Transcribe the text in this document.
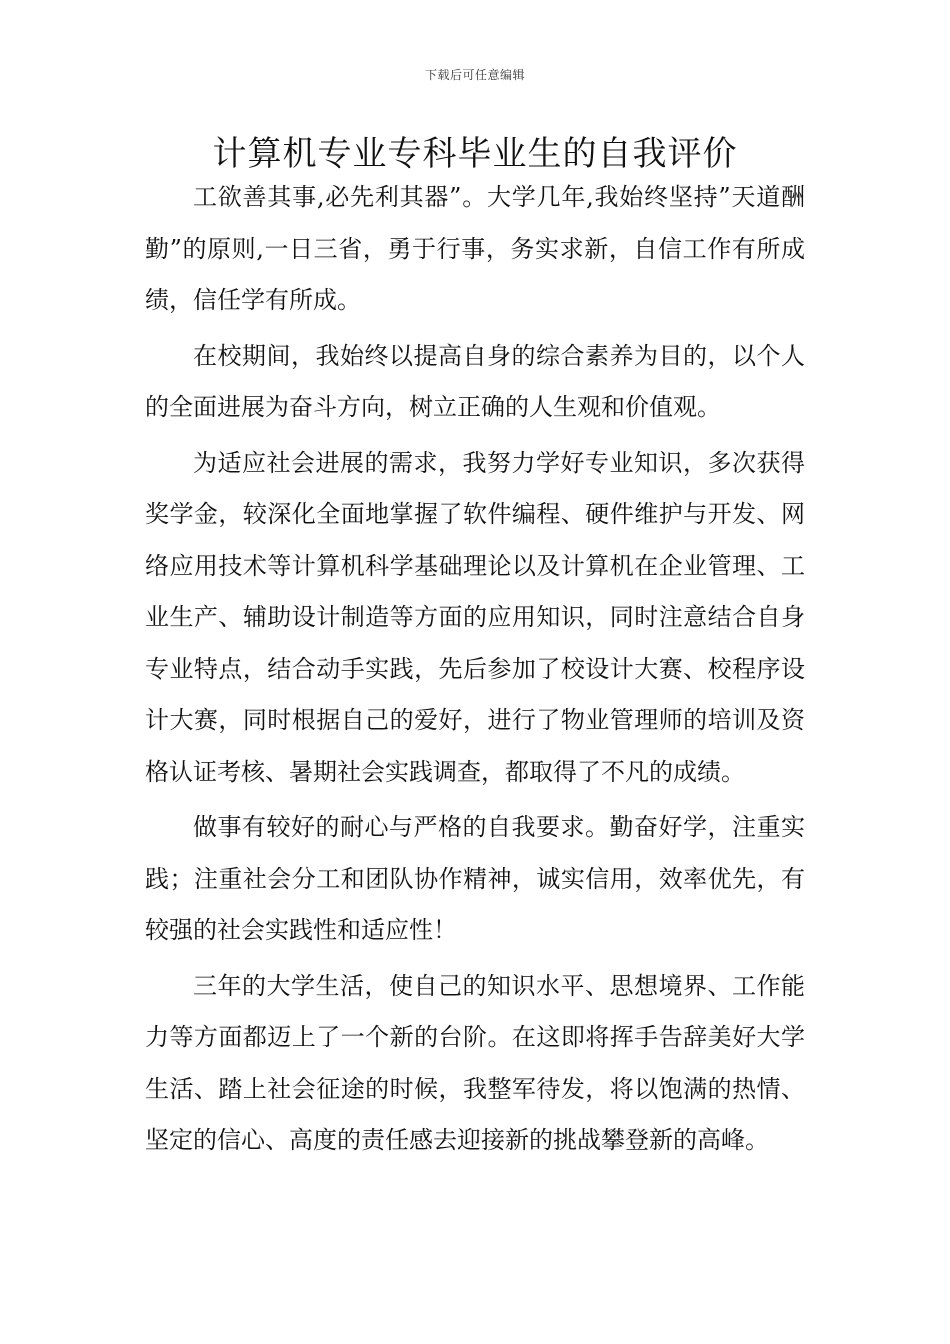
下载后可任意编辑
计算机专业专科毕业生的自我评价

工欲善其事,必先利其器”。大学几年,我始终坚持”天道酬勤”的原则,一日三省，勇于行事，务实求新，自信工作有所成绩，信任学有所成。

在校期间，我始终以提高自身的综合素养为目的，以个人的全面进展为奋斗方向，树立正确的人生观和价值观。

为适应社会进展的需求，我努力学好专业知识，多次获得奖学金，较深化全面地掌握了软件编程、硬件维护与开发、网络应用技术等计算机科学基础理论以及计算机在企业管理、工业生产、辅助设计制造等方面的应用知识，同时注意结合自身专业特点，结合动手实践，先后参加了校设计大赛、校程序设计大赛，同时根据自己的爱好，进行了物业管理师的培训及资格认证考核、暑期社会实践调查，都取得了不凡的成绩。

做事有较好的耐心与严格的自我要求。勤奋好学，注重实践；注重社会分工和团队协作精神，诚实信用，效率优先，有较强的社会实践性和适应性！

三年的大学生活，使自己的知识水平、思想境界、工作能力等方面都迈上了一个新的台阶。在这即将挥手告辞美好大学生活、踏上社会征途的时候，我整军待发，将以饱满的热情、坚定的信心、高度的责任感去迎接新的挑战攀登新的高峰。
